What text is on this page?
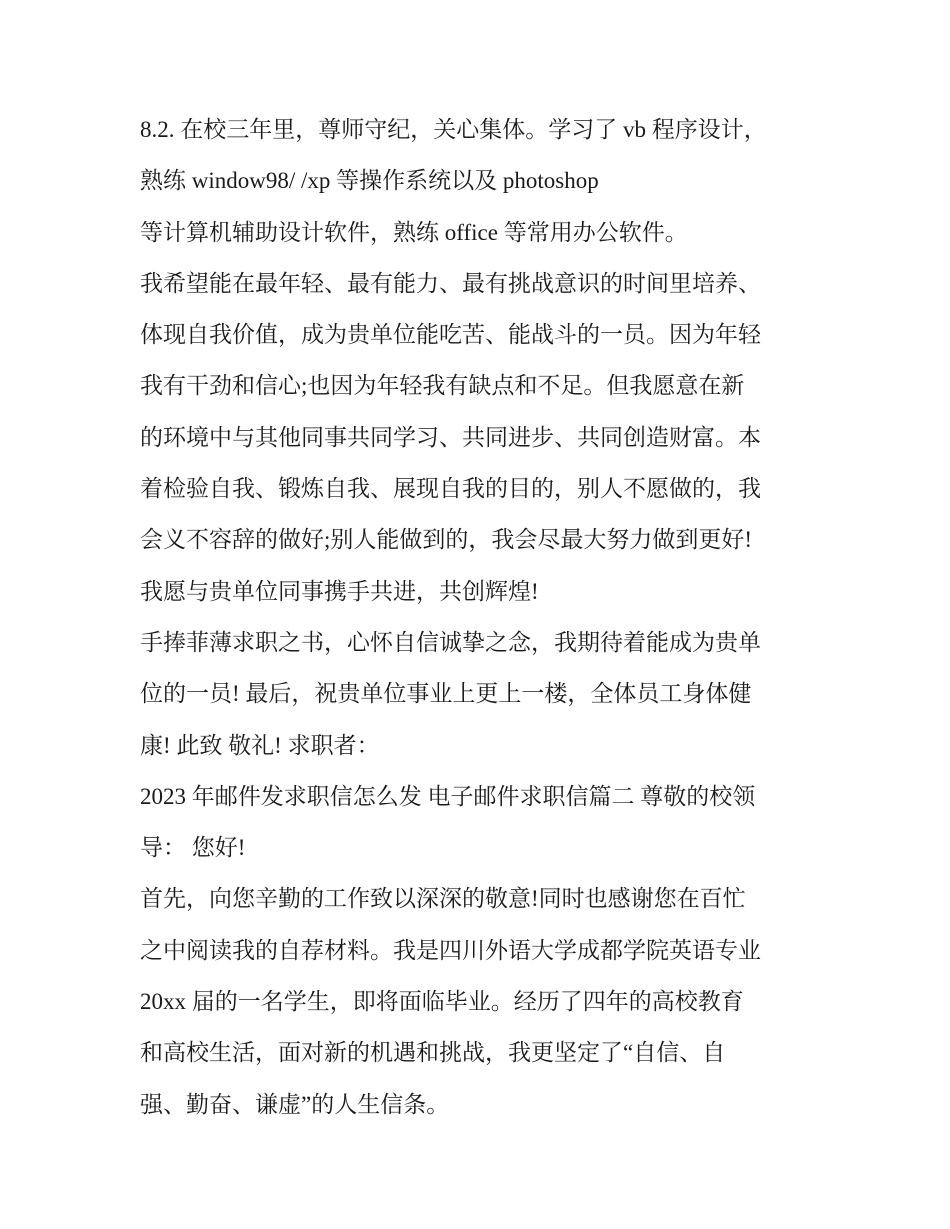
8.2. 在校三年里，尊师守纪，关心集体。学习了 vb 程序设计，
熟练 window98/ /xp 等操作系统以及 photoshop
等计算机辅助设计软件，熟练 office 等常用办公软件。
我希望能在最年轻、最有能力、最有挑战意识的时间里培养、
体现自我价值，成为贵单位能吃苦、能战斗的一员。因为年轻
我有干劲和信心;也因为年轻我有缺点和不足。但我愿意在新
的环境中与其他同事共同学习、共同进步、共同创造财富。本
着检验自我、锻炼自我、展现自我的目的，别人不愿做的，我
会义不容辞的做好;别人能做到的，我会尽最大努力做到更好!
我愿与贵单位同事携手共进，共创辉煌!
手捧菲薄求职之书，心怀自信诚挚之念，我期待着能成为贵单
位的一员! 最后，祝贵单位事业上更上一楼，全体员工身体健
康! 此致 敬礼! 求职者：
2023 年邮件发求职信怎么发 电子邮件求职信篇二 尊敬的校领
导： 您好!
首先，向您辛勤的工作致以深深的敬意!同时也感谢您在百忙
之中阅读我的自荐材料。我是四川外语大学成都学院英语专业
20xx 届的一名学生，即将面临毕业。经历了四年的高校教育
和高校生活，面对新的机遇和挑战，我更坚定了“自信、自
强、勤奋、谦虚”的人生信条。
